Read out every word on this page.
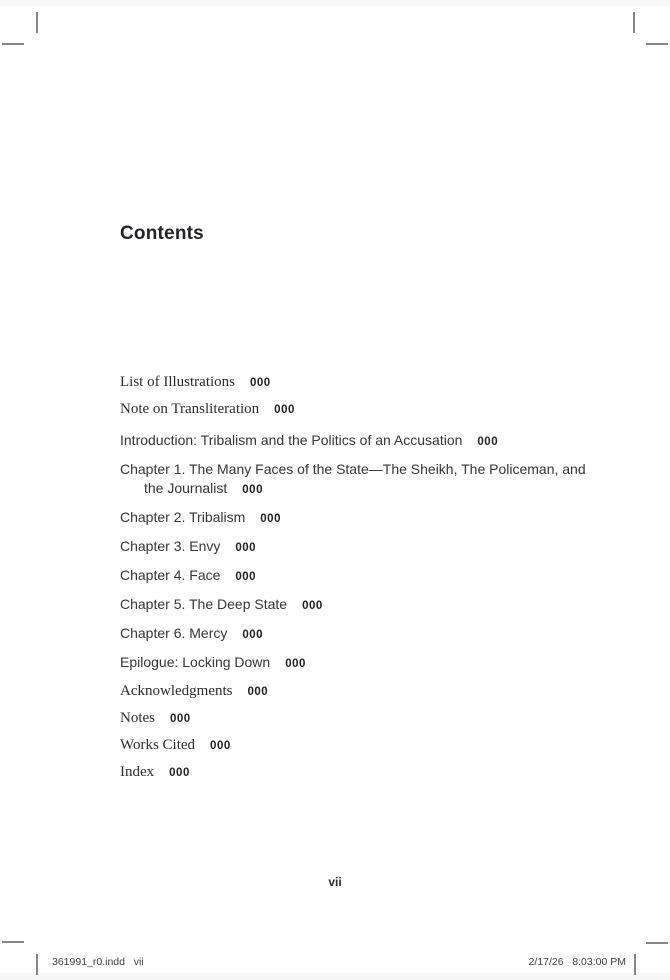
Contents
List of Illustrations 000
Note on Transliteration 000
Introduction: Tribalism and the Politics of an Accusation 000
Chapter 1. The Many Faces of the State—The Sheikh, The Policeman, and the Journalist 000
Chapter 2. Tribalism 000
Chapter 3. Envy 000
Chapter 4. Face 000
Chapter 5. The Deep State 000
Chapter 6. Mercy 000
Epilogue: Locking Down 000
Acknowledgments 000
Notes 000
Works Cited 000
Index 000
vii
361991_r0.indd   vii	2/17/26   8:03:00 PM
